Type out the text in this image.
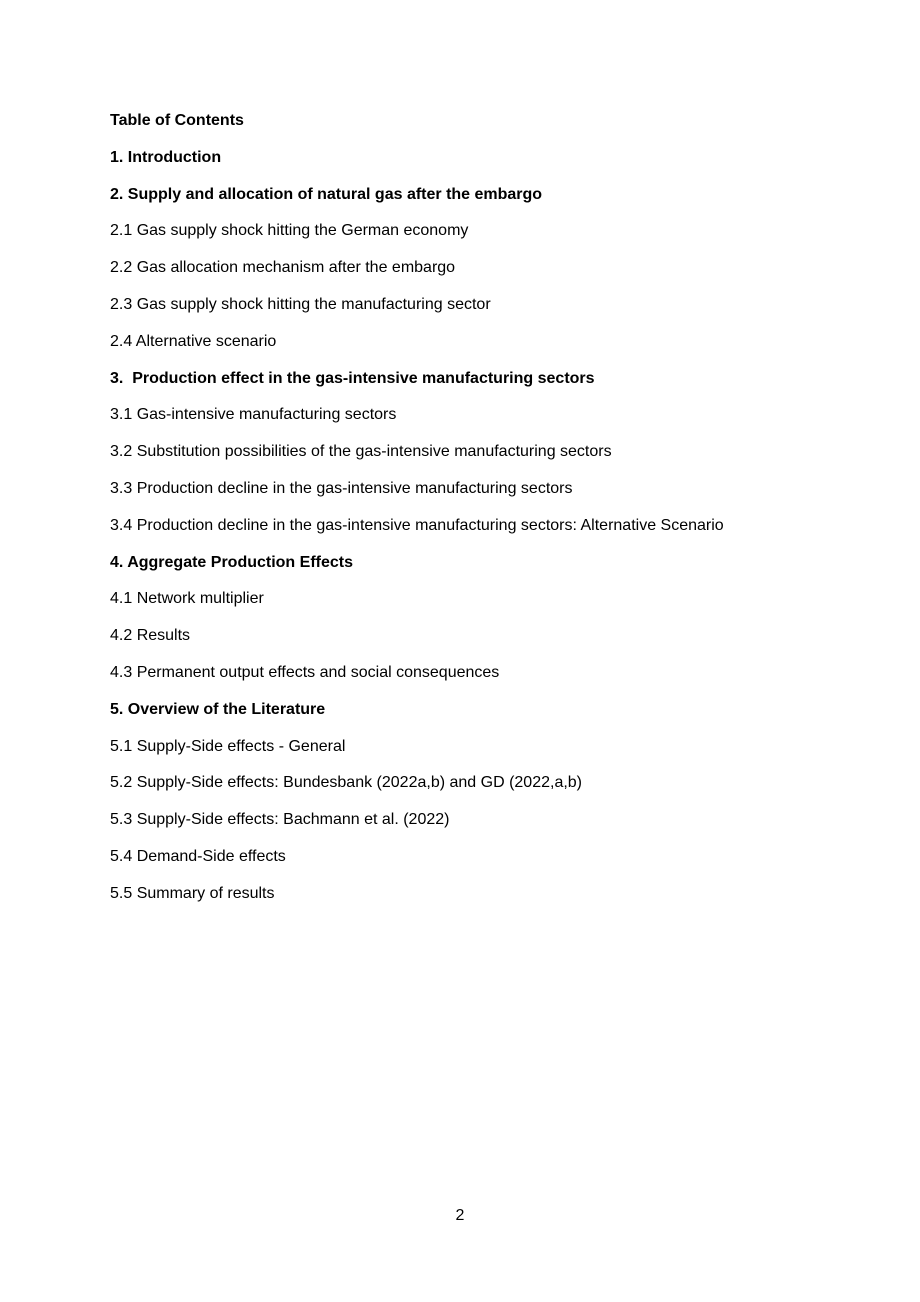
Table of Contents
1. Introduction
2. Supply and allocation of natural gas after the embargo
2.1 Gas supply shock hitting the German economy
2.2 Gas allocation mechanism after the embargo
2.3 Gas supply shock hitting the manufacturing sector
2.4 Alternative scenario
3.  Production effect in the gas-intensive manufacturing sectors
3.1 Gas-intensive manufacturing sectors
3.2 Substitution possibilities of the gas-intensive manufacturing sectors
3.3 Production decline in the gas-intensive manufacturing sectors
3.4 Production decline in the gas-intensive manufacturing sectors: Alternative Scenario
4. Aggregate Production Effects
4.1 Network multiplier
4.2 Results
4.3 Permanent output effects and social consequences
5. Overview of the Literature
5.1 Supply-Side effects - General
5.2 Supply-Side effects: Bundesbank (2022a,b) and GD (2022,a,b)
5.3 Supply-Side effects: Bachmann et al. (2022)
5.4 Demand-Side effects
5.5 Summary of results
2
